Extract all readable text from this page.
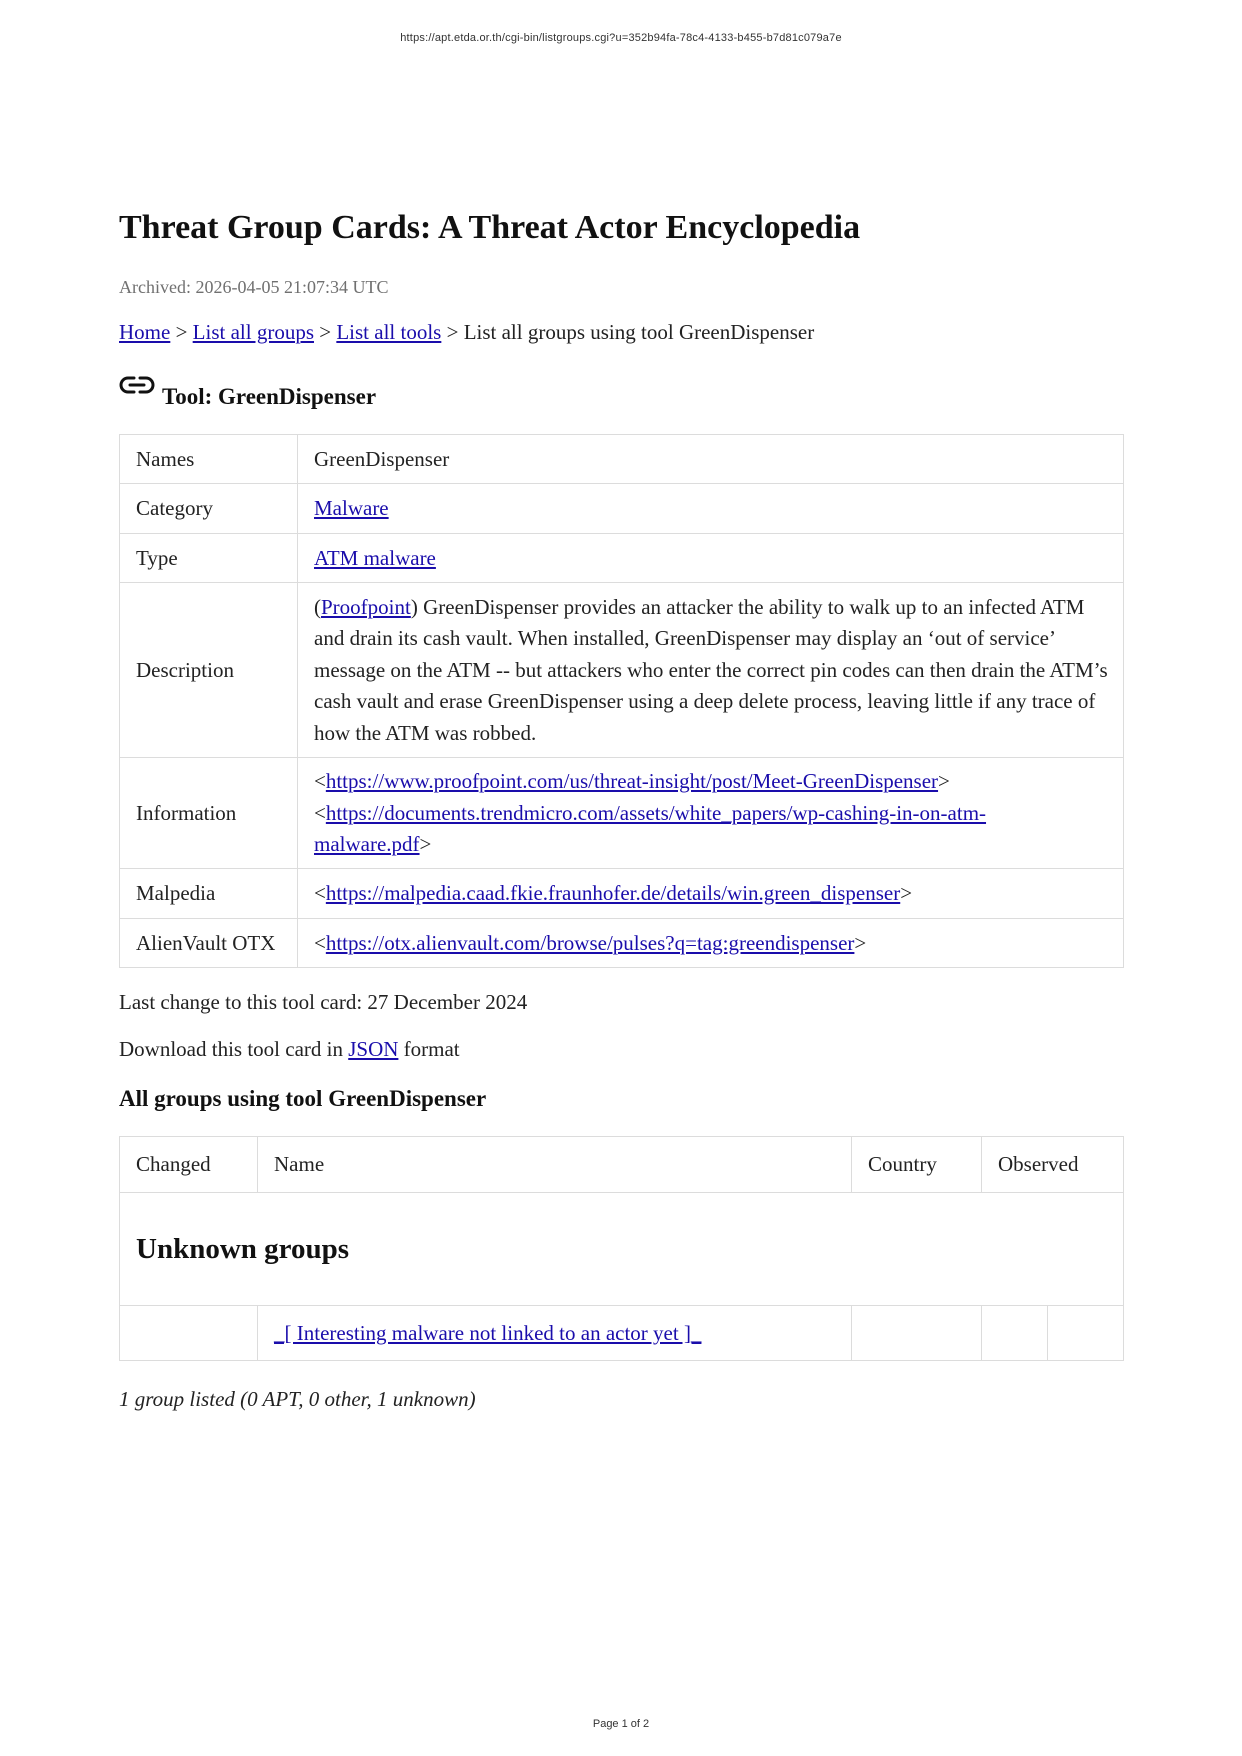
https://apt.etda.or.th/cgi-bin/listgroups.cgi?u=352b94fa-78c4-4133-b455-b7d81c079a7e
Threat Group Cards: A Threat Actor Encyclopedia
Archived: 2026-04-05 21:07:34 UTC
Home > List all groups > List all tools > List all groups using tool GreenDispenser
Tool: GreenDispenser
Names	GreenDispenser
Category	Malware
Type	ATM malware
Description	(Proofpoint) GreenDispenser provides an attacker the ability to walk up to an infected ATM and drain its cash vault. When installed, GreenDispenser may display an ‘out of service’ message on the ATM -- but attackers who enter the correct pin codes can then drain the ATM’s cash vault and erase GreenDispenser using a deep delete process, leaving little if any trace of how the ATM was robbed.
Information	<https://www.proofpoint.com/us/threat-insight/post/Meet-GreenDispenser>
<https://documents.trendmicro.com/assets/white_papers/wp-cashing-in-on-atm-malware.pdf>

Malpedia	<https://malpedia.caad.fkie.fraunhofer.de/details/win.green_dispenser>
AlienVault OTX	<https://otx.alienvault.com/browse/pulses?q=tag:greendispenser>
Last change to this tool card: 27 December 2024
Download this tool card in JSON format
All groups using tool GreenDispenser
Changed	Name	Country	Observed	
Unknown groups				
	_[ Interesting malware not linked to an actor yet ]_			
1 group listed (0 APT, 0 other, 1 unknown)
Page 1 of 2
